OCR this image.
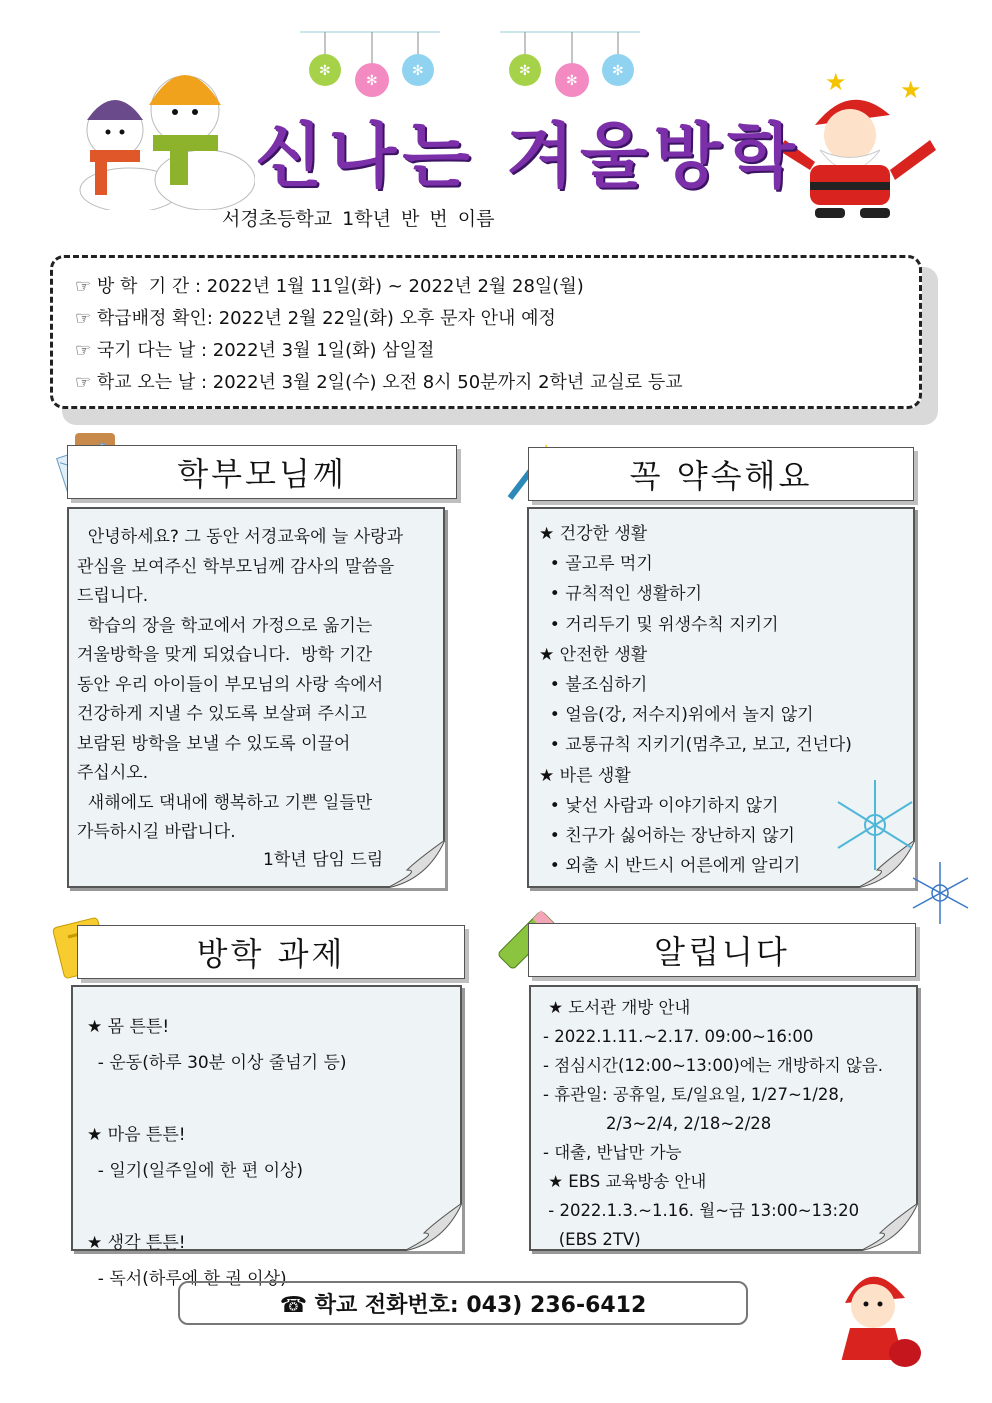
✻
✻
✻	✻
✻
✻	★ ★
신나는 겨울방학
서경초등학교 1학년 반 번 이름
☞ 방 학  기 간 : 2022년 1월 11일(화) ~ 2022년 2월 28일(월)
☞ 학급배정 확인: 2022년 2월 22일(화) 오후 문자 안내 예정
☞ 국기 다는 날 : 2022년 3월 1일(화) 삼일절
☞ 학교 오는 날 : 2022년 3월 2일(수) 오전 8시 50분까지 2학년 교실로 등교
학부모님께
안녕하세요? 그 동안 서경교육에 늘 사랑과
관심을 보여주신 학부모님께 감사의 말씀을
드립니다.
학습의 장을 학교에서 가정으로 옮기는
겨울방학을 맞게 되었습니다.  방학 기간
동안 우리 아이들이 부모님의 사랑 속에서
건강하게 지낼 수 있도록 보살펴 주시고
보람된 방학을 보낼 수 있도록 이끌어
주십시오.
새해에도 댁내에 행복하고 기쁜 일들만
가득하시길 바랍니다.
1학년 담임 드림
꼭 약속해요
★ 건강한 생활
• 골고루 먹기
• 규칙적인 생활하기
• 거리두기 및 위생수칙 지키기
★ 안전한 생활
• 불조심하기
• 얼음(강, 저수지)위에서 놀지 않기
• 교통규칙 지키기(멈추고, 보고, 건넌다)
★ 바른 생활
• 낯선 사람과 이야기하지 않기
• 친구가 싫어하는 장난하지 않기
• 외출 시 반드시 어른에게 알리기
방학 과제
★ 몸 튼튼!
- 운동(하루 30분 이상 줄넘기 등)

★ 마음 튼튼!
- 일기(일주일에 한 편 이상)

★ 생각 튼튼!
- 독서(하루에 한 권 이상)
알립니다
★ 도서관 개방 안내
- 2022.1.11.~2.17. 09:00~16:00
- 점심시간(12:00~13:00)에는 개방하지 않음.
- 휴관일: 공휴일, 토/일요일, 1/27~1/28,
2/3~2/4, 2/18~2/28
- 대출, 반납만 가능
★ EBS 교육방송 안내
- 2022.1.3.~1.16. 월~금 13:00~13:20
(EBS 2TV)
☎ 학교 전화번호: 043) 236-6412
